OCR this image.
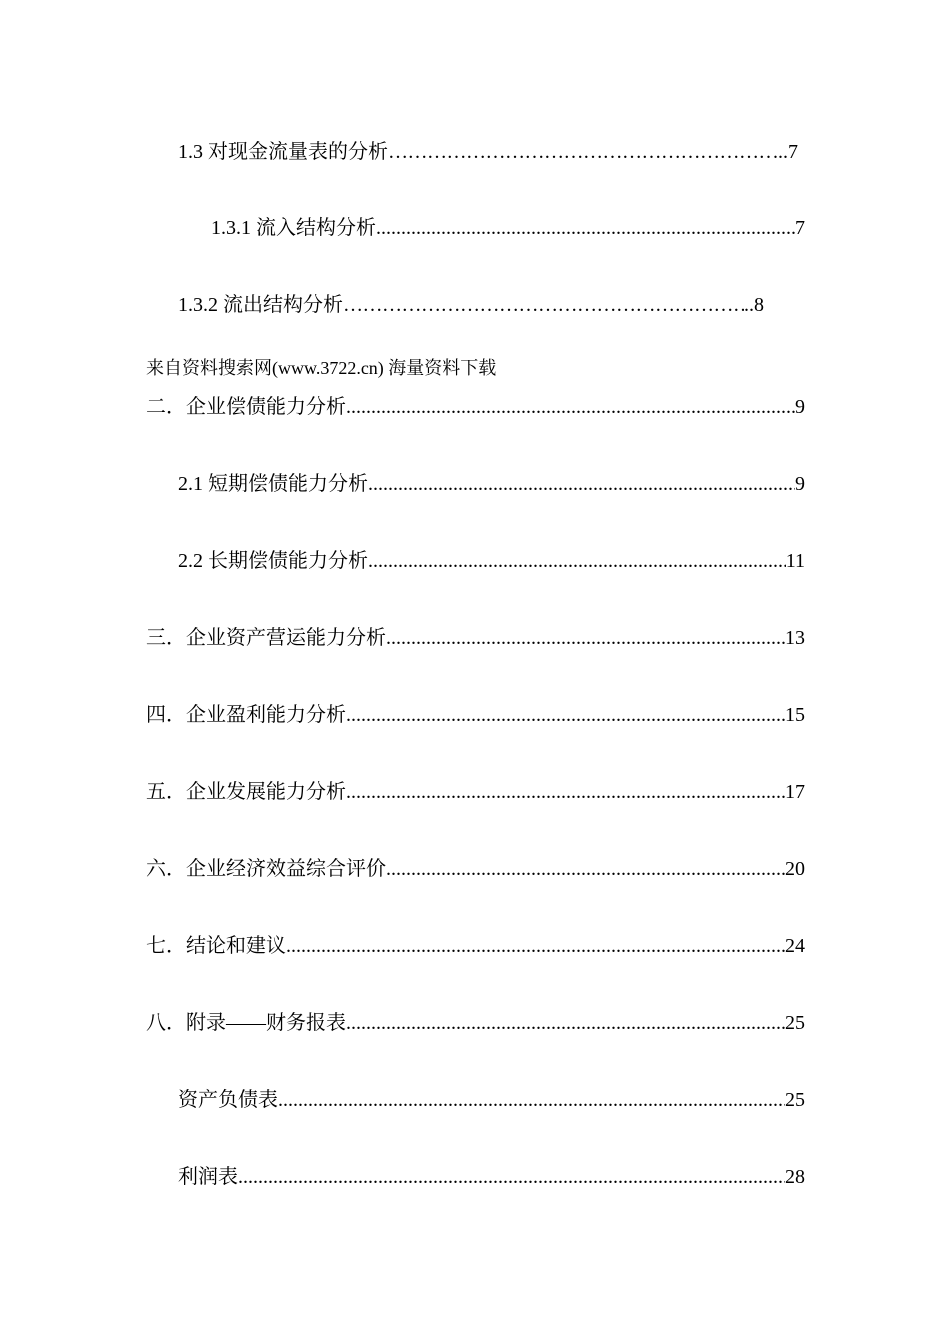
1.3 对现金流量表的分析 ………………………………………………………………………………………………………………………………………………………………………………	...7
1.3.1 流入结构分析 .....	7
1.3.2 流出结构分析 ………………………………………………………………………………………………………………………………………………………………………………	..8
来自资料搜索网(www.3722.cn) 海量资料下载
二．企业偿债能力分析 .....	9
2.1 短期偿债能力分析 .....	9
2.2 长期偿债能力分析 .....	11
三．企业资产营运能力分析 .....	13
四．企业盈利能力分析 .....	15
五．企业发展能力分析 .....	17
六．企业经济效益综合评价 .....	20
七．结论和建议 .....	24
八．附录——财务报表 .....	25
资产负债表 .....	25
利润表 .....	28
